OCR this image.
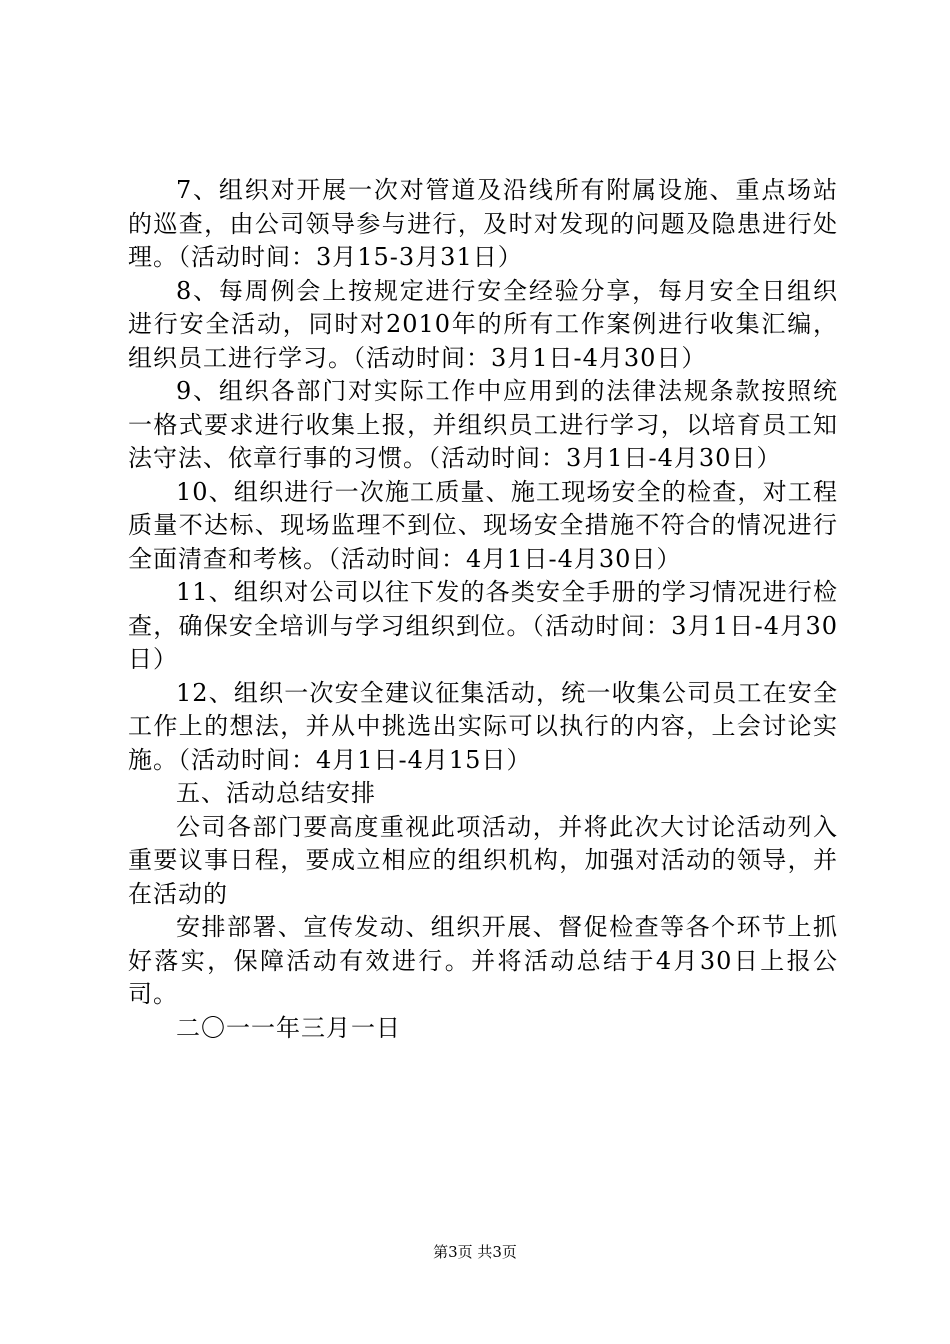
7、组织对开展一次对管道及沿线所有附属设施、重点场站的巡查，由公司领导参与进行，及时对发现的问题及隐患进行处理。（活动时间：3月15-3月31日）

8、每周例会上按规定进行安全经验分享，每月安全日组织进行安全活动，同时对2010年的所有工作案例进行收集汇编，组织员工进行学习。（活动时间：3月1日-4月30日）

9、组织各部门对实际工作中应用到的法律法规条款按照统一格式要求进行收集上报，并组织员工进行学习，以培育员工知法守法、依章行事的习惯。（活动时间：3月1日-4月30日）

10、组织进行一次施工质量、施工现场安全的检查，对工程质量不达标、现场监理不到位、现场安全措施不符合的情况进行全面清查和考核。（活动时间：4月1日-4月30日）

11、组织对公司以往下发的各类安全手册的学习情况进行检查，确保安全培训与学习组织到位。（活动时间：3月1日-4月30日）

12、组织一次安全建议征集活动，统一收集公司员工在安全工作上的想法，并从中挑选出实际可以执行的内容，上会讨论实施。（活动时间：4月1日-4月15日）

五、活动总结安排

公司各部门要高度重视此项活动，并将此次大讨论活动列入重要议事日程，要成立相应的组织机构，加强对活动的领导，并在活动的

安排部署、宣传发动、组织开展、督促检查等各个环节上抓好落实，保障活动有效进行。并将活动总结于4月30日上报公司。

二〇一一年三月一日

第3页 共3页
